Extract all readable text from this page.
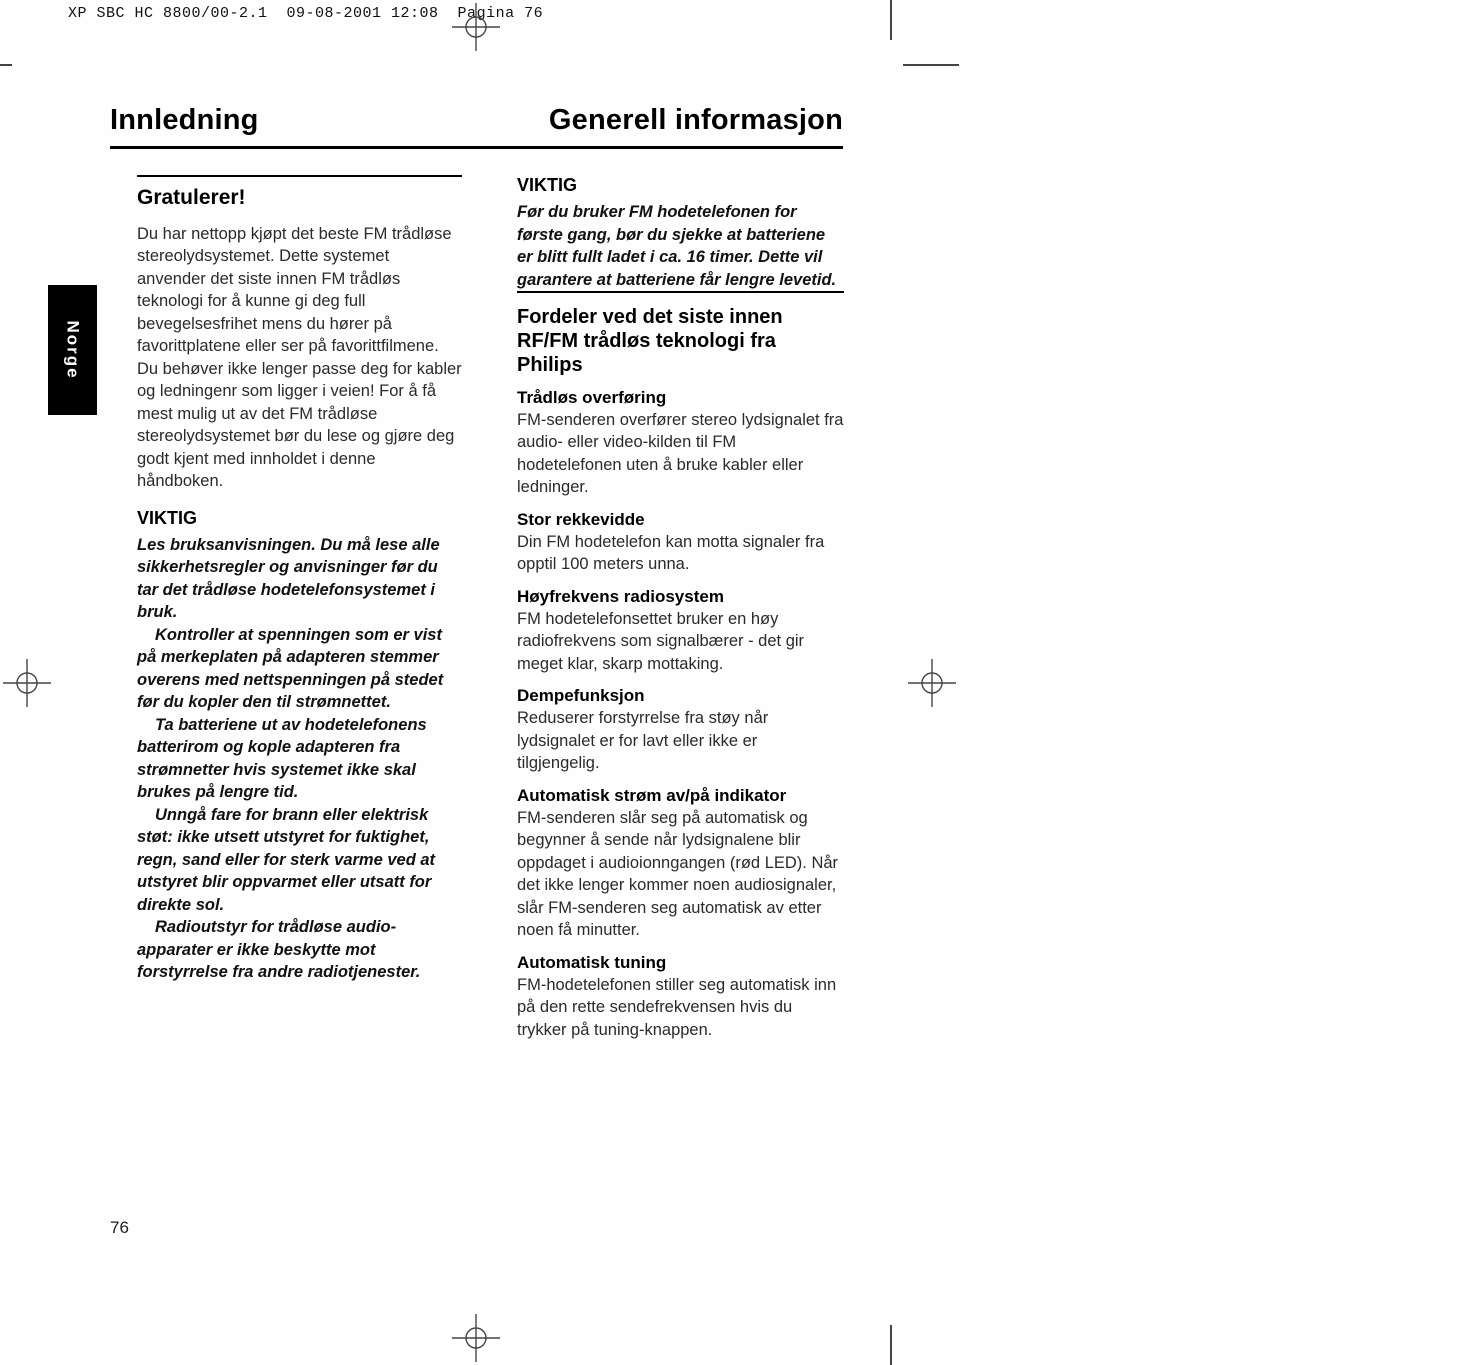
XP SBC HC 8800/00-2.1  09-08-2001 12:08  Pagina 76
Norge
Innledning	Generell informasjon
Gratulerer!

Du har nettopp kjøpt det beste FM trådløse stereolydsystemet. Dette systemet anvender det siste innen FM trådløs teknologi for å kunne gi deg full bevegelsesfrihet mens du hører på favorittplatene eller ser på favorittfilmene. Du behøver ikke lenger passe deg for kabler og ledningenr som ligger i veien! For å få mest mulig ut av det FM trådløse stereolydsystemet bør du lese og gjøre deg godt kjent med innholdet i denne håndboken.

VIKTIG

Les bruksanvisningen. Du må lese alle sikkerhetsregler og anvisninger før du tar det trådløse hodetelefonsystemet i bruk.

Kontroller at spenningen som er vist på merkeplaten på adapteren stemmer overens med nettspenningen på stedet før du kopler den til strømnettet.

Ta batteriene ut av hodetelefonens batterirom og kople adapteren fra strømnetter hvis systemet ikke skal brukes på lengre tid.

Unngå fare for brann eller elektrisk støt: ikke utsett utstyret for fuktighet, regn, sand eller for sterk varme ved at utstyret blir oppvarmet eller utsatt for direkte sol.

Radioutstyr for trådløse audio-apparater er ikke beskytte mot forstyrrelse fra andre radiotjenester.

VIKTIG

Før du bruker FM hodetelefonen for første gang, bør du sjekke at batteriene er blitt fullt ladet i ca. 16 timer. Dette vil garantere at batteriene får lengre levetid.

Fordeler ved det siste innen RF/FM trådløs teknologi fra Philips
Trådløs overføring

FM-senderen overfører stereo lydsignalet fra audio- eller video-kilden til FM hodetelefonen uten å bruke kabler eller ledninger.

Stor rekkevidde

Din FM hodetelefon kan motta signaler fra opptil 100 meters unna.

Høyfrekvens radiosystem

FM hodetelefonsettet bruker en høy radiofrekvens som signalbærer - det gir meget klar, skarp mottaking.

Dempefunksjon

Reduserer forstyrrelse fra støy når lydsignalet er for lavt eller ikke er tilgjengelig.

Automatisk strøm av/på indikator

FM-senderen slår seg på automatisk og begynner å sende når lydsignalene blir oppdaget i audioionngangen (rød LED). Når det ikke lenger kommer noen audiosignaler, slår FM-senderen seg automatisk av etter noen få minutter.

Automatisk tuning

FM-hodetelefonen stiller seg automatisk inn på den rette sendefrekvensen hvis du trykker på tuning-knappen.

76
